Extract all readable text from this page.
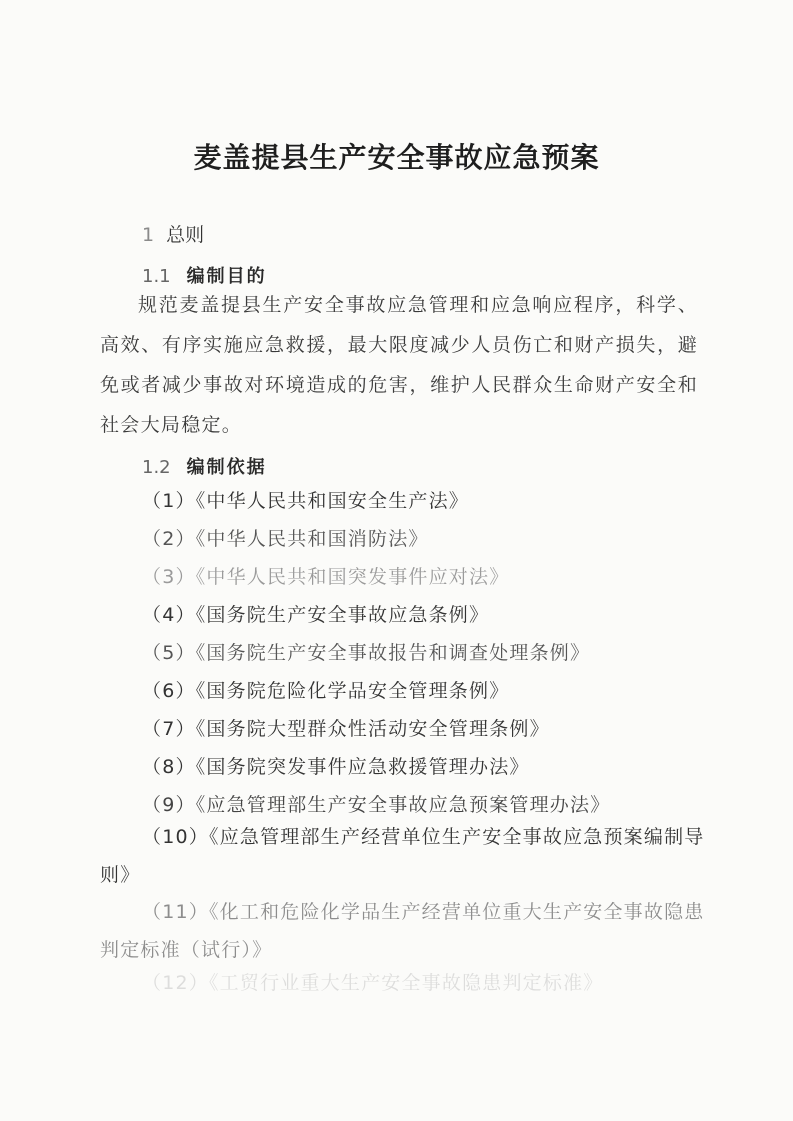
麦盖提县生产安全事故应急预案
1 总则
1.1 编制目的

规范麦盖提县生产安全事故应急管理和应急响应程序，科学、高效、有序实施应急救援，最大限度减少人员伤亡和财产损失，避免或者减少事故对环境造成的危害，维护人民群众生命财产安全和社会大局稳定。

1.2 编制依据
（1）《中华人民共和国安全生产法》
（2）《中华人民共和国消防法》
（3）《中华人民共和国突发事件应对法》
（4）《国务院生产安全事故应急条例》
（5）《国务院生产安全事故报告和调查处理条例》
（6）《国务院危险化学品安全管理条例》
（7）《国务院大型群众性活动安全管理条例》
（8）《国务院突发事件应急救援管理办法》
（9）《应急管理部生产安全事故应急预案管理办法》
（10）《应急管理部生产经营单位生产安全事故应急预案编制导则》
（11）《化工和危险化学品生产经营单位重大生产安全事故隐患判定标准（试行）》
（12）《工贸行业重大生产安全事故隐患判定标准》
